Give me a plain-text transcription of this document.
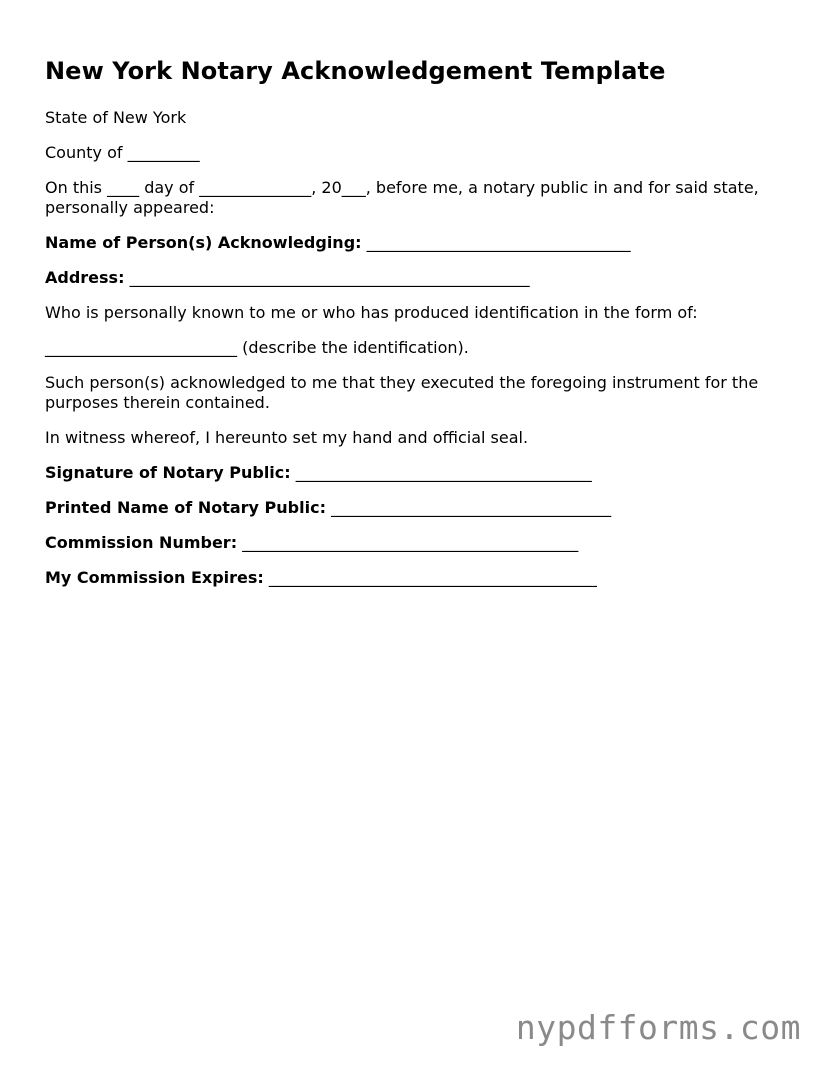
New York Notary Acknowledgement Template

State of New York

County of _________

On this ____ day of ______________, 20___, before me, a notary public in and for said state, personally appeared:

Name of Person(s) Acknowledging: _________________________________

Address: __________________________________________________

Who is personally known to me or who has produced identification in the form of:

________________________ (describe the identification).

Such person(s) acknowledged to me that they executed the foregoing instrument for the purposes therein contained.

In witness whereof, I hereunto set my hand and official seal.

Signature of Notary Public: _____________________________________

Printed Name of Notary Public: ___________________________________

Commission Number: __________________________________________

My Commission Expires: _________________________________________

nypdfforms.com
